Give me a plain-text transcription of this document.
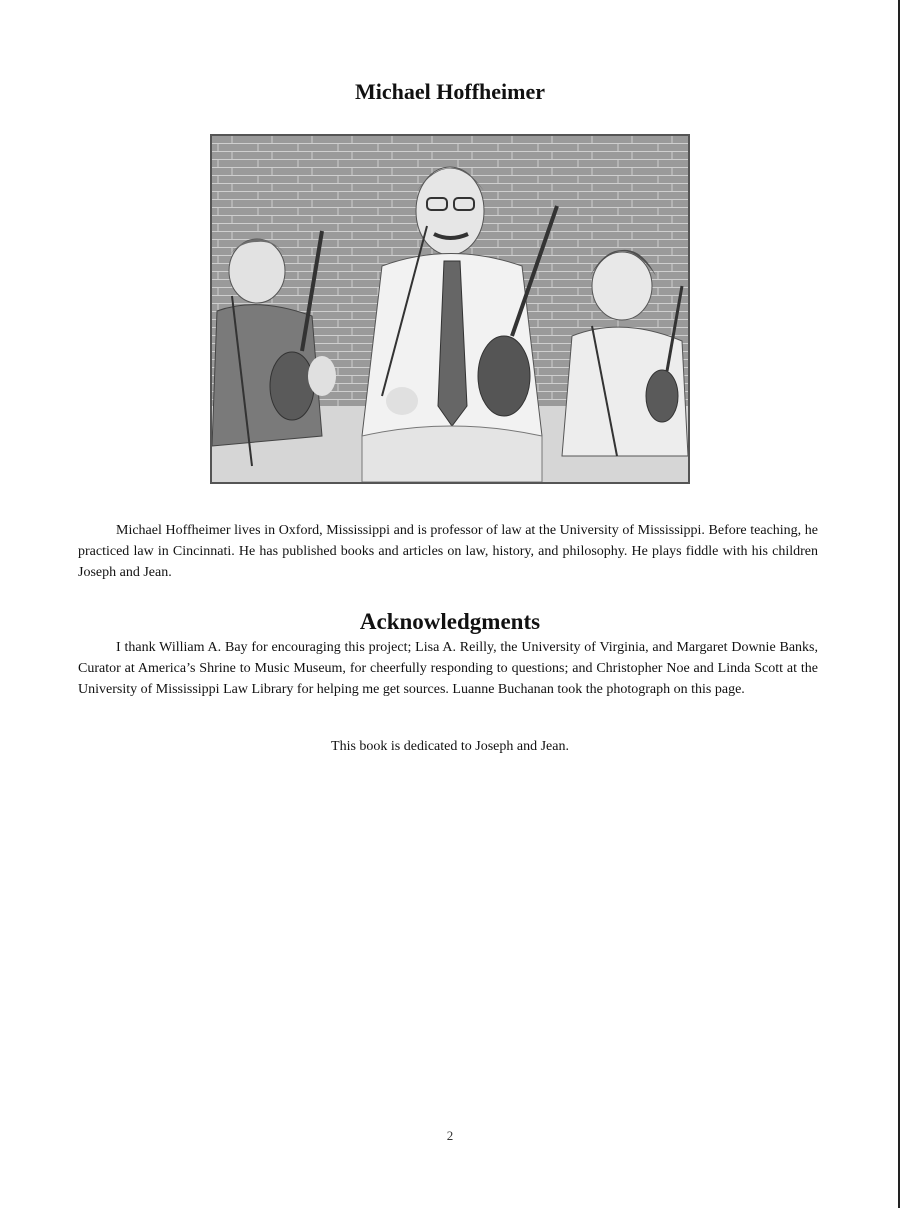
Michael Hoffheimer

Michael Hoffheimer lives in Oxford, Mississippi and is professor of law at the University of Mississippi. Before teaching, he practiced law in Cincinnati. He has published books and articles on law, history, and philosophy. He plays fiddle with his children Joseph and Jean.

Acknowledgments

I thank William A. Bay for encouraging this project; Lisa A. Reilly, the University of Virginia, and Margaret Downie Banks, Curator at America’s Shrine to Music Museum, for cheerfully responding to questions; and Christopher Noe and Linda Scott at the University of Mississippi Law Library for helping me get sources. Luanne Buchanan took the photograph on this page.

This book is dedicated to Joseph and Jean.
2
